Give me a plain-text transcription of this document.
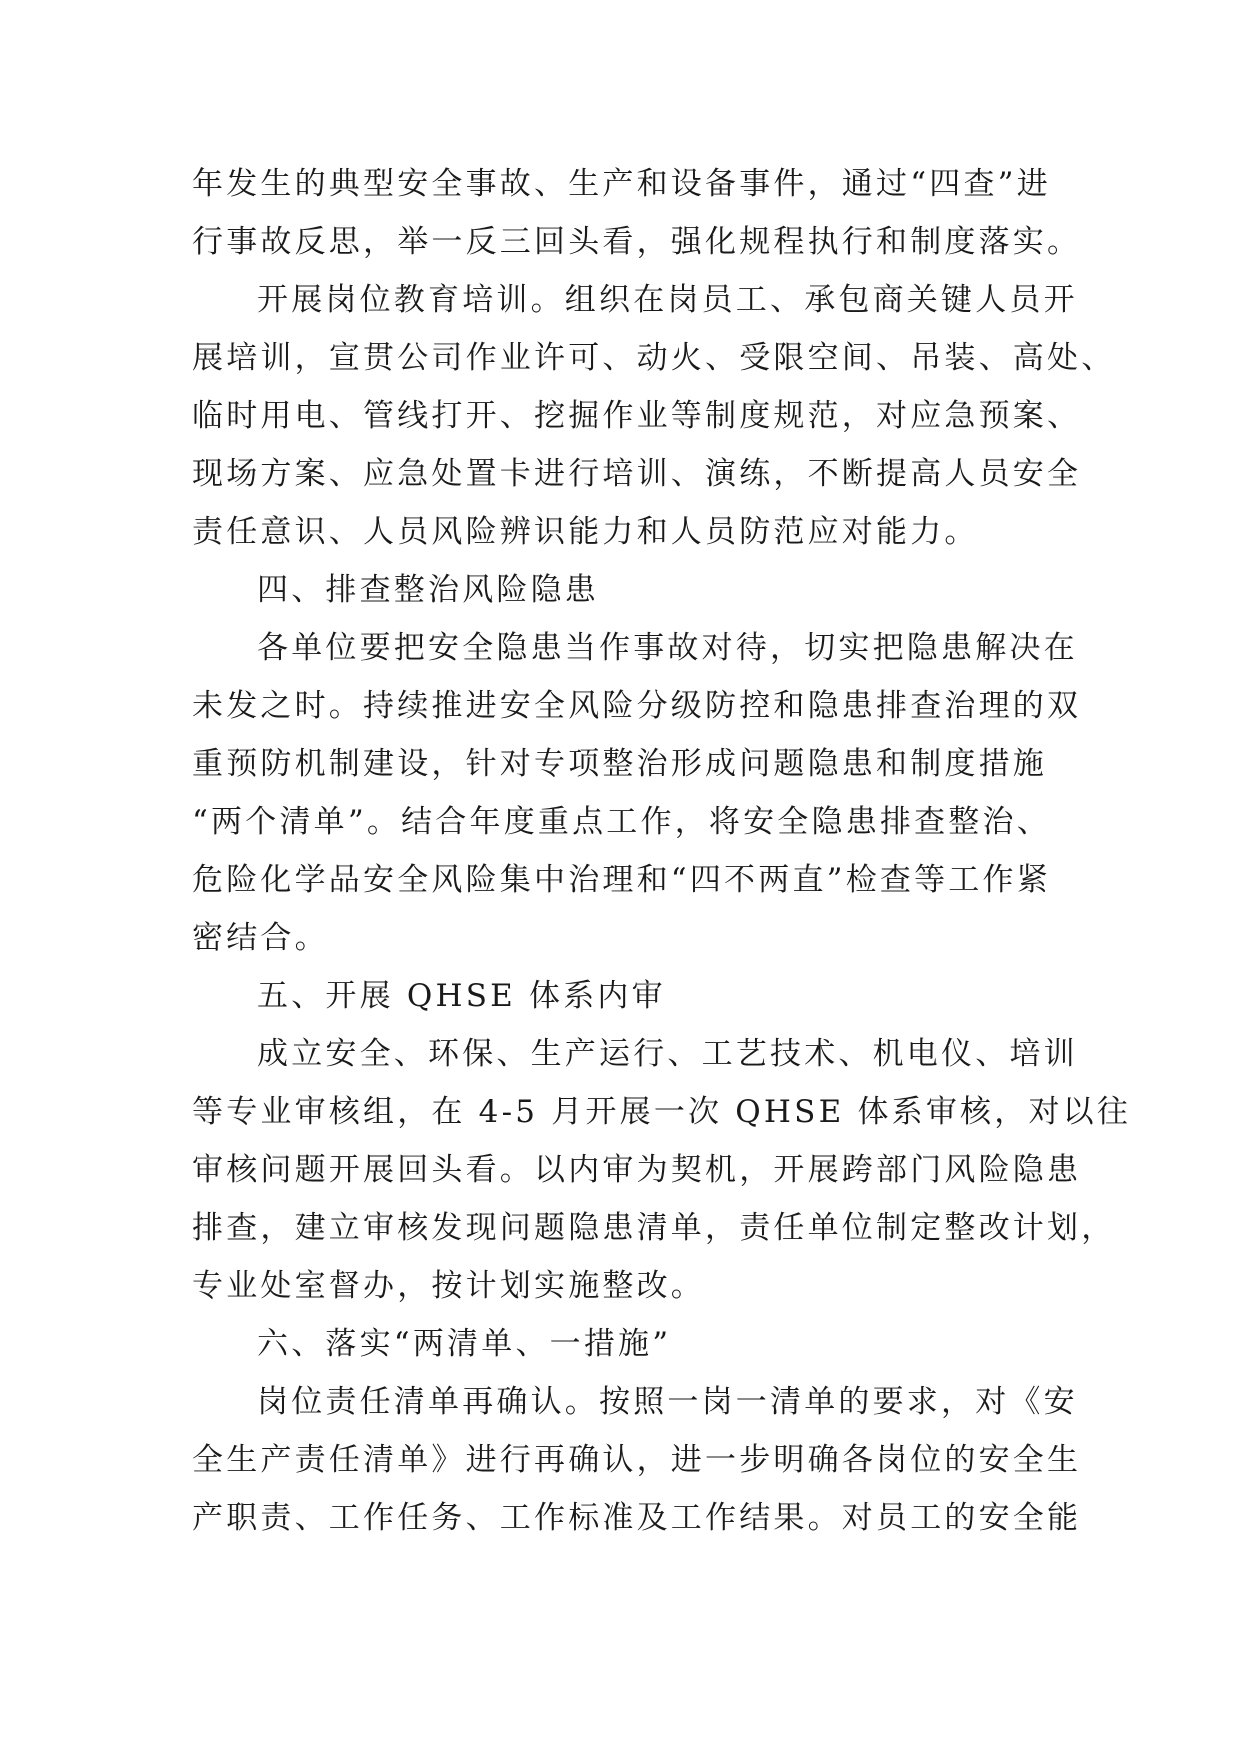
年发生的典型安全事故、生产和设备事件，通过“四查”进
行事故反思，举一反三回头看，强化规程执行和制度落实。
开展岗位教育培训。组织在岗员工、承包商关键人员开
展培训，宣贯公司作业许可、动火、受限空间、吊装、高处、
临时用电、管线打开、挖掘作业等制度规范，对应急预案、
现场方案、应急处置卡进行培训、演练，不断提高人员安全
责任意识、人员风险辨识能力和人员防范应对能力。
四、排查整治风险隐患
各单位要把安全隐患当作事故对待，切实把隐患解决在
未发之时。持续推进安全风险分级防控和隐患排查治理的双
重预防机制建设，针对专项整治形成问题隐患和制度措施
“两个清单”。结合年度重点工作，将安全隐患排查整治、
危险化学品安全风险集中治理和“四不两直”检查等工作紧
密结合。
五、开展 QHSE 体系内审
成立安全、环保、生产运行、工艺技术、机电仪、培训
等专业审核组，在 4-5 月开展一次 QHSE 体系审核，对以往
审核问题开展回头看。以内审为契机，开展跨部门风险隐患
排查，建立审核发现问题隐患清单，责任单位制定整改计划，
专业处室督办，按计划实施整改。
六、落实“两清单、一措施”
岗位责任清单再确认。按照一岗一清单的要求，对《安
全生产责任清单》进行再确认，进一步明确各岗位的安全生
产职责、工作任务、工作标准及工作结果。对员工的安全能
